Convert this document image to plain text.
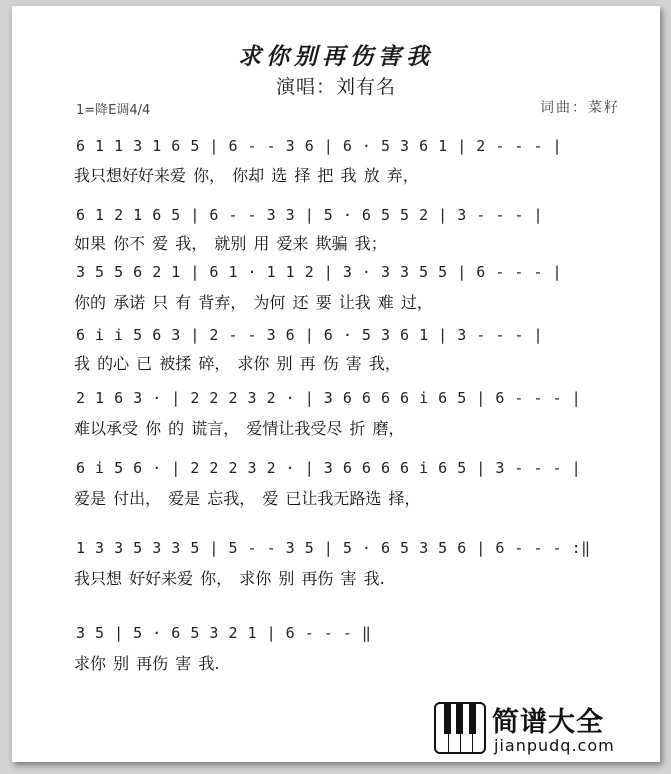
求你别再伤害我
演唱：刘有名
1=降E调4/4	词曲：菜籽
6 1 1 3 1 6 5 | 6 - - 3 6 | 6 · 5 3 6 1 | 2 - - - |
我只想好好来爱 你， 你却 选 择 把 我 放 弃，
6 1 2 1 6 5 | 6 - - 3 3 | 5 · 6 5 5 2 | 3 - - - |
如果 你不 爱 我， 就别 用 爱来 欺骗 我；
3 5 5 6 2 1 | 6 1 · 1 1 2 | 3 · 3 3 5 5 | 6 - - - |
你的 承诺 只 有 背弃， 为何 还 要 让我 难 过，
6 i i 5 6 3 | 2 - - 3 6 | 6 · 5 3 6 1 | 3 - - - |
我 的心 已 被揉 碎， 求你 别 再 伤 害 我，
2 1 6 3 · | 2 2 2 3 2 · | 3 6 6 6 6 i 6 5 | 6 - - - |
难以承受 你 的 谎言， 爱情让我受尽 折 磨，
6 i 5 6 · | 2 2 2 3 2 · | 3 6 6 6 6 i 6 5 | 3 - - - |
爱是 付出， 爱是 忘我， 爱 已让我无路选 择，
1 3 3 5 3 3 5 | 5 - - 3 5 | 5 · 6 5 3 5 6 | 6 - - - :‖
我只想 好好来爱 你， 求你 别 再伤 害 我.
3 5 | 5 · 6 5 3 2 1 | 6 - - - ‖
求你 别 再伤 害 我.
简谱大全
jianpudq.com
